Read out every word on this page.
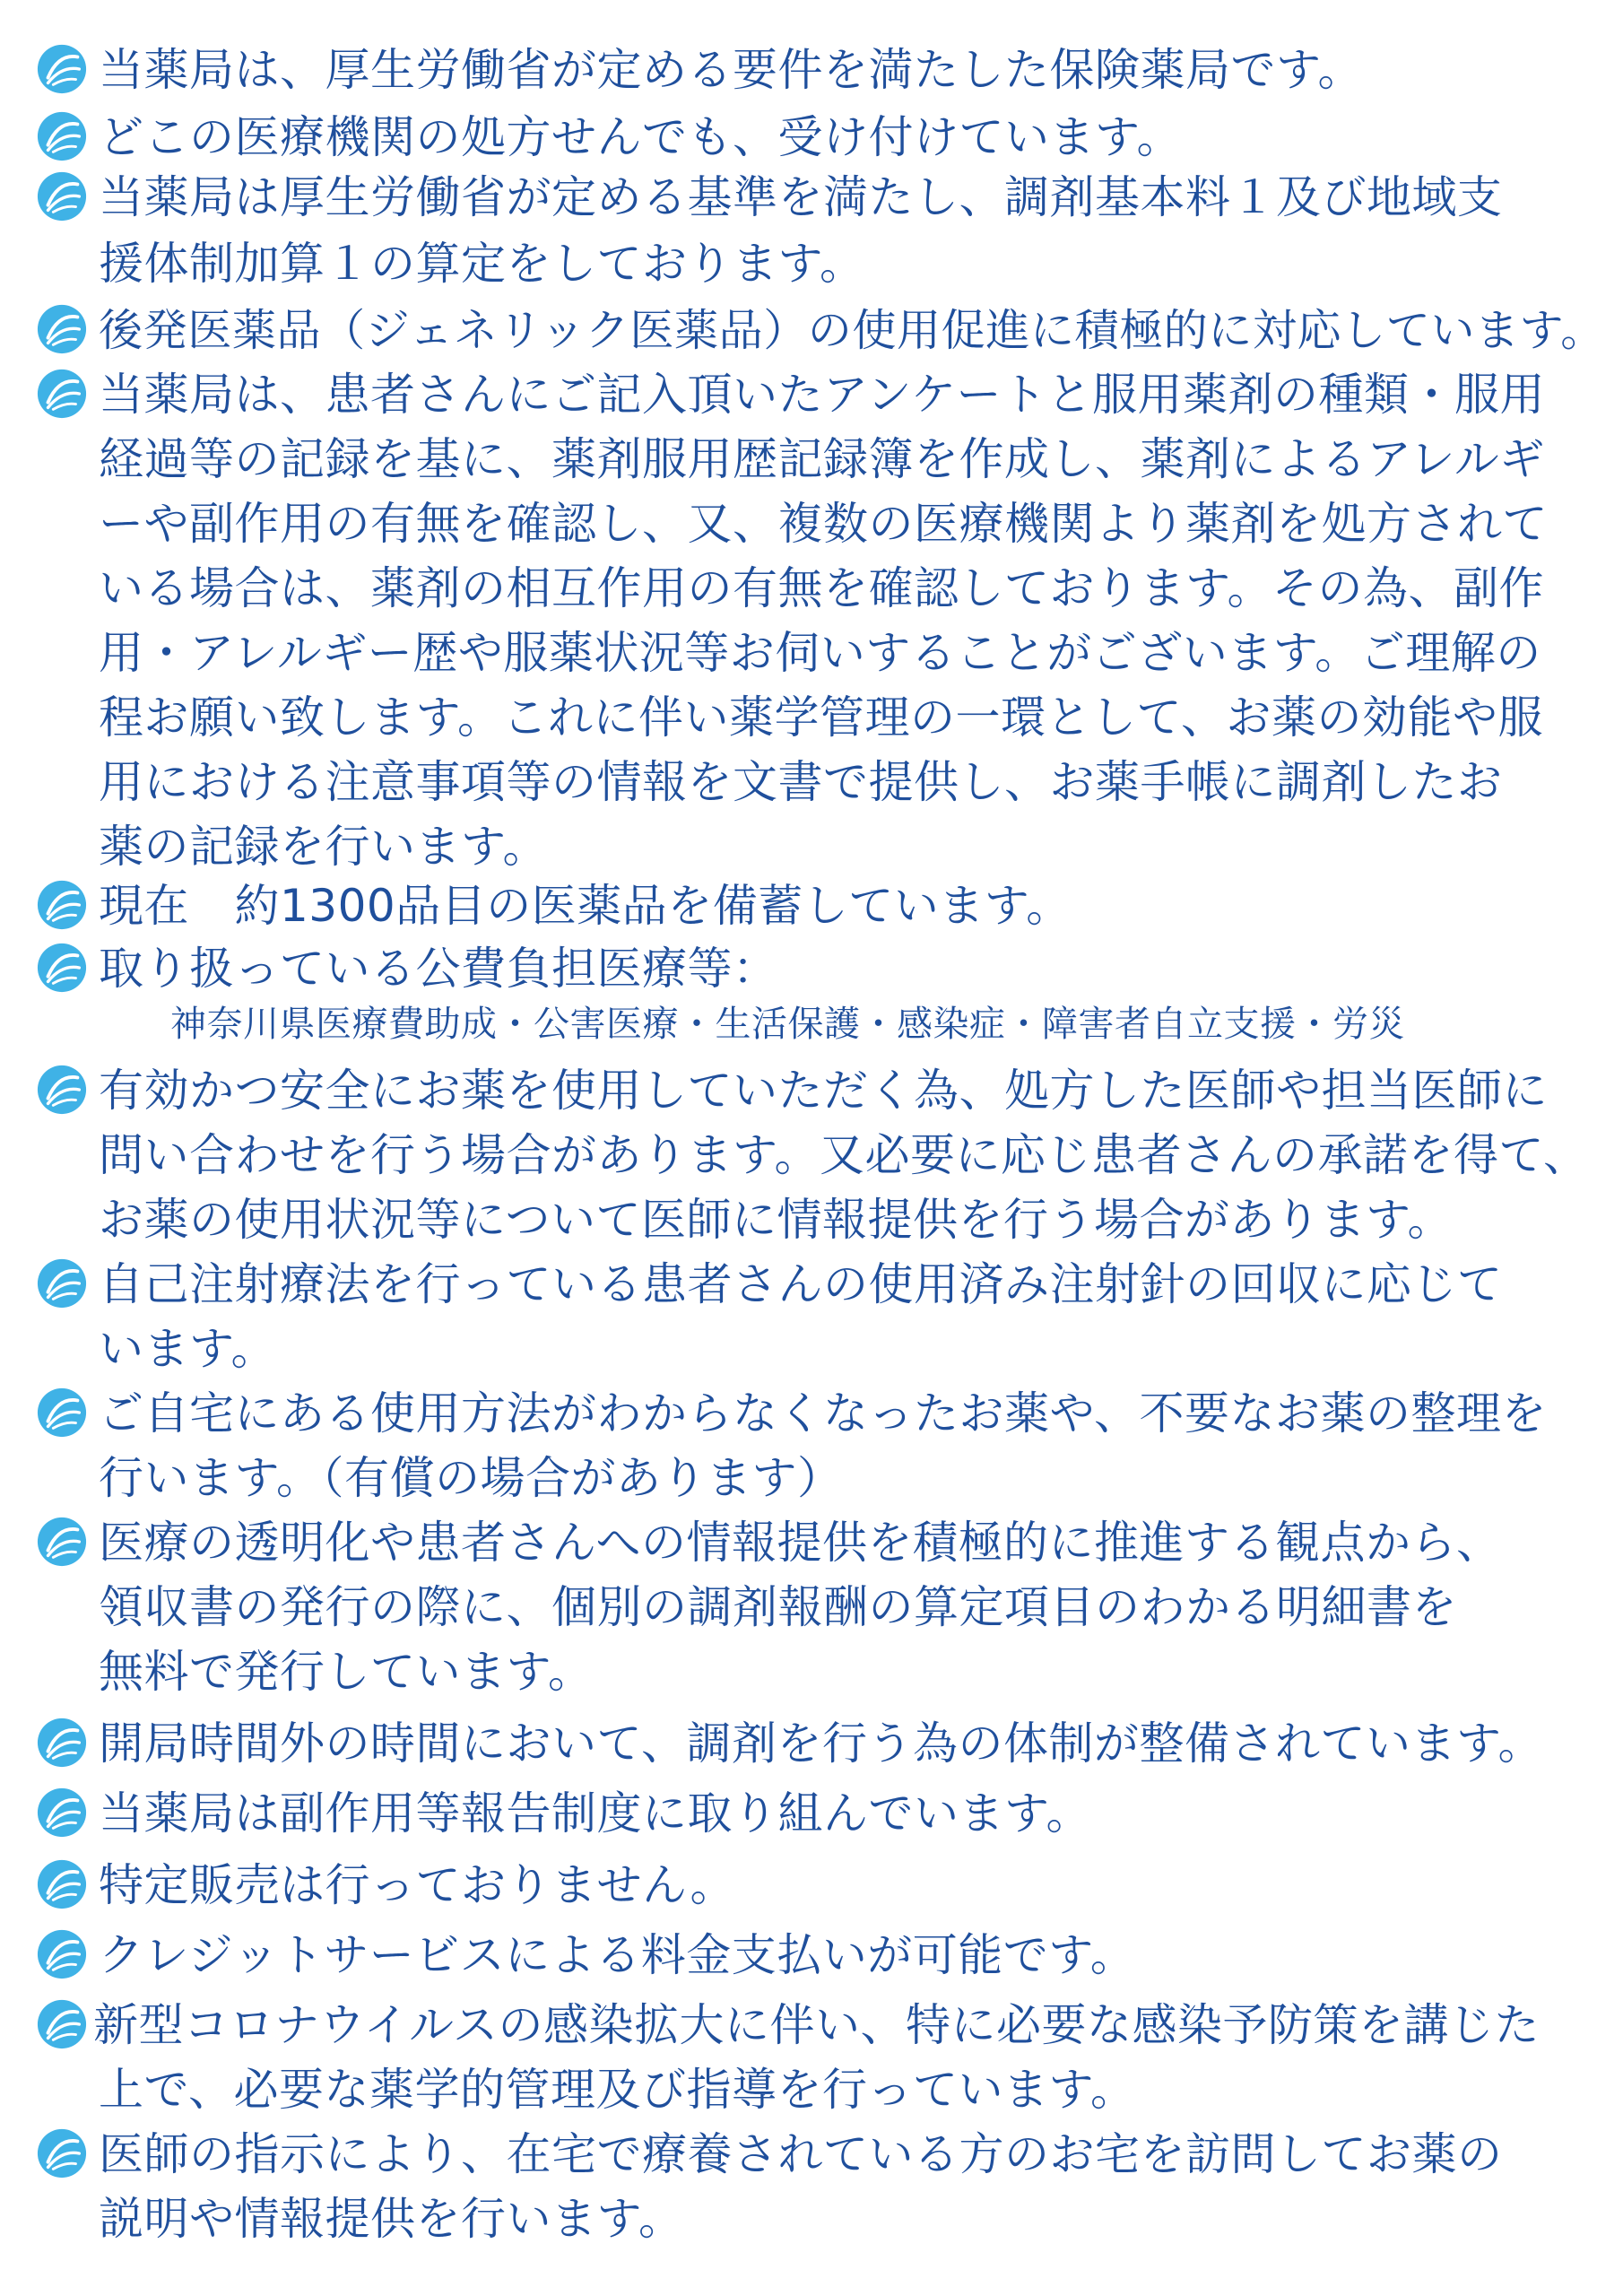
当薬局は、厚生労働省が定める要件を満たした保険薬局です。
どこの医療機関の処方せんでも、受け付けています。
当薬局は厚生労働省が定める基準を満たし、調剤基本料１及び地域支
援体制加算１の算定をしております。
後発医薬品（ジェネリック医薬品）の使用促進に積極的に対応しています。
当薬局は、患者さんにご記入頂いたアンケートと服用薬剤の種類・服用
経過等の記録を基に、薬剤服用歴記録簿を作成し、薬剤によるアレルギ
ーや副作用の有無を確認し、又、複数の医療機関より薬剤を処方されて
いる場合は、薬剤の相互作用の有無を確認しております。その為、副作
用・アレルギー歴や服薬状況等お伺いすることがございます。ご理解の
程お願い致します。これに伴い薬学管理の一環として、お薬の効能や服
用における注意事項等の情報を文書で提供し、お薬手帳に調剤したお
薬の記録を行います。
現在　約1300品目の医薬品を備蓄しています。
取り扱っている公費負担医療等：
神奈川県医療費助成・公害医療・生活保護・感染症・障害者自立支援・労災
有効かつ安全にお薬を使用していただく為、処方した医師や担当医師に
問い合わせを行う場合があります。又必要に応じ患者さんの承諾を得て、
お薬の使用状況等について医師に情報提供を行う場合があります。
自己注射療法を行っている患者さんの使用済み注射針の回収に応じて
います。
ご自宅にある使用方法がわからなくなったお薬や、不要なお薬の整理を
行います。（有償の場合があります）
医療の透明化や患者さんへの情報提供を積極的に推進する観点から、
領収書の発行の際に、個別の調剤報酬の算定項目のわかる明細書を
無料で発行しています。
開局時間外の時間において、調剤を行う為の体制が整備されています。
当薬局は副作用等報告制度に取り組んでいます。
特定販売は行っておりません。
クレジットサービスによる料金支払いが可能です。
新型コロナウイルスの感染拡大に伴い、特に必要な感染予防策を講じた
上で、必要な薬学的管理及び指導を行っています。
医師の指示により、在宅で療養されている方のお宅を訪問してお薬の
説明や情報提供を行います。
